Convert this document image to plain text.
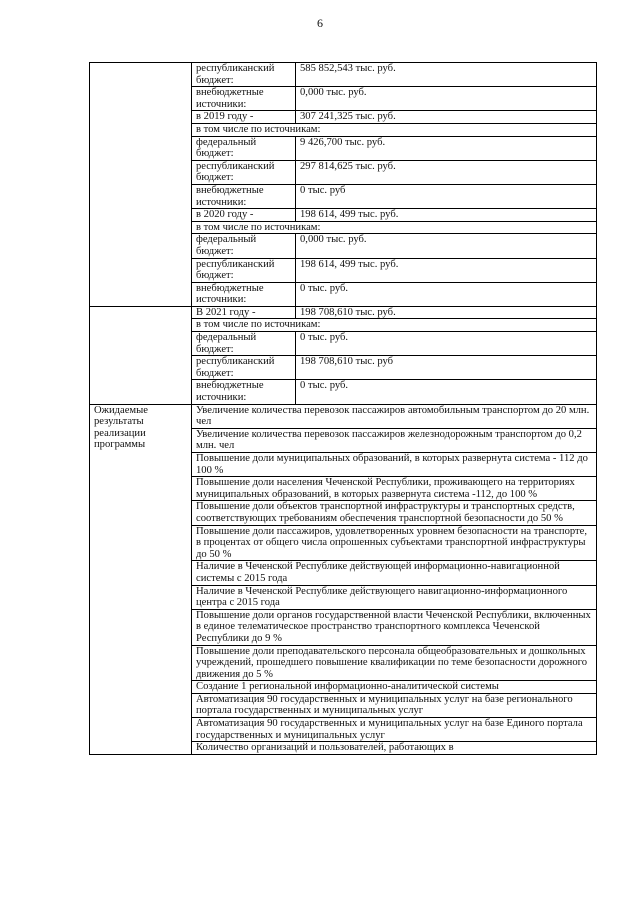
6
	республиканский бюджет:	585 852,543 тыс. руб.
	внебюджетные источники:	0,000 тыс. руб.
	в 2019 году -	307 241,325 тыс. руб.
	в том числе по источникам:	
	федеральный бюджет:	9 426,700 тыс. руб.
	республиканский бюджет:	297 814,625 тыс. руб.
	внебюджетные источники:	0 тыс. руб
	в 2020 году -	198 614, 499 тыс. руб.
	в том числе по источникам:	
	федеральный бюджет:	0,000 тыс. руб.
	республиканский бюджет:	198 614, 499 тыс. руб.
	внебюджетные источники:	0 тыс. руб.
	В 2021 году -	198 708,610 тыс. руб.
	в том числе по источникам:	
	федеральный бюджет:	0 тыс. руб.
	республиканский бюджет:	198 708,610 тыс. руб
	внебюджетные источники:	0 тыс. руб.
Ожидаемые результаты реализации программы	Увеличение количества перевозок пассажиров автомобильным транспортом до 20 млн. чел	
	Увеличение количества перевозок пассажиров железнодорожным транспортом до 0,2 млн. чел	
	Повышение доли муниципальных образований, в которых развернута система - 112 до 100 %	
	Повышение доли населения Чеченской Республики, проживающего на территориях муниципальных образований, в которых развернута система -112, до 100 %	
	Повышение доли объектов транспортной инфраструктуры и транспортных средств, соответствующих требованиям обеспечения транспортной безопасности до 50 %	
	Повышение доли пассажиров, удовлетворенных уровнем безопасности на транспорте, в процентах от общего числа опрошенных субъектами транспортной инфраструктуры до 50 %	
	Наличие в Чеченской Республике действующей информационно-навигационной системы с 2015 года	
	Наличие в Чеченской Республике действующего навигационно-информационного центра с 2015 года	
	Повышение доли органов государственной власти Чеченской Республики, включенных в единое телематическое пространство транспортного комплекса Чеченской Республики до 9 %	
	Повышение доли преподавательского персонала общеобразовательных и дошкольных учреждений, прошедшего повышение квалификации по теме безопасности дорожного движения до 5 %	
	Создание 1 региональной информационно-аналитической системы	
	Автоматизация 90 государственных и муниципальных услуг на базе регионального портала государственных и муниципальных услуг	
	Автоматизация 90 государственных и муниципальных услуг на базе Единого портала государственных и муниципальных услуг	
	Количество организаций и пользователей, работающих в	
